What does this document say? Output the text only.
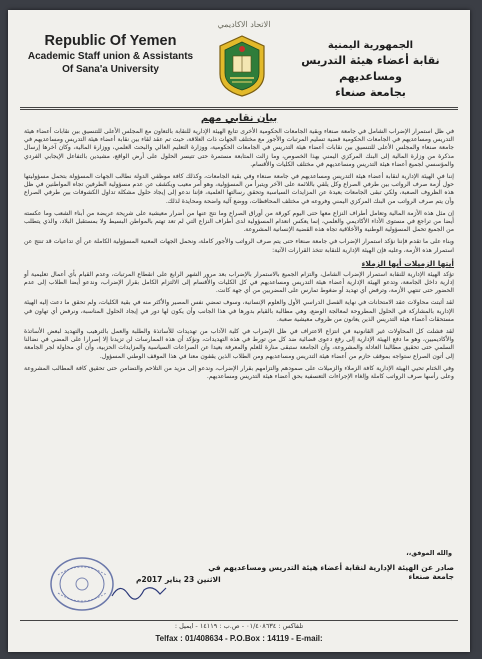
الاتحاد الاكاديمي
Republic Of Yemen
Academic Staff union & Assistants
Of Sana'a University
الجمهورية اليمنية
نقابة أعضاء هيئة التدريس ومساعديهم
بجامعة صنعاء
بيان نقابي مهم

في ظل استمرار الإضراب الشامل في جامعة صنعاء وبقية الجامعات الحكومية الأخرى تتابع الهيئة الإدارية للنقابة بالتعاون مع المجلس الأعلى للتنسيق بين نقابات أعضاء هيئة التدريس ومساعديهم في الجامعات الحكومية قضية تسليم المرتبات والأجور مع مختلف الجهات ذات العلاقة، حيث تم عقد لقاء بين نقابة أعضاء هيئة التدريس ومساعديهم في جامعة صنعاء والمجلس الأعلى للتنسيق بين نقابات أعضاء هيئة التدريس في الجامعات الحكومية، ووزارة التعليم العالي والبحث العلمي، ووزارة المالية، وكان آخرها إرسال مذكرة من وزارة المالية إلى البنك المركزي اليمني بهذا الخصوص، وما زالت المتابعة مستمرة حتى تتيسر الحلول على أرض الواقع، مشيدين بالتفاعل الإيجابي الفردي والمؤسسي لجميع أعضاء هيئة التدريس ومساعديهم في مختلف الكليات والأقسام.

إننا في الهيئة الإدارية لنقابة أعضاء هيئة التدريس ومساعديهم في جامعة صنعاء وفي بقية الجامعات، وكذلك كافة موظفي الدولة نطالب الجهات المسؤولة بتحمل مسؤوليتها حول أزمة صرف الرواتب بين طرفي الصراع وكل يلقي باللائمة على الآخر ويتبرأ من المسؤولية، وهو أمر معيب ويكشف عن عدم مسؤولية الطرفين تجاه المواطنين في ظل هذه الظروف الصعبة، ولكي تبقى الجامعات بعيدة عن المزايدات السياسية وتحقق رسالتها العلمية، فإننا ندعو إلى إيجاد حلول مشكلة تداول الكشوفات بين طرفي الصراع وأن يتم صرف الرواتب من البنك المركزي اليمني وفروعه في مختلف المحافظات، ووضع آلية واضحة ومحايدة لذلك.

إن مثل هذه الأزمة المالية وتعامل أطراف النزاع معها حتى اليوم كورقة من أوراق الصراع وما نتج عنها من أضرار معيشية على شريحة عريضة من أبناء الشعب وما عكسته أيضا من تراجع في مستوى الأداء الأكاديمي والعلمي، إنما يعكس انعدام المسؤولية لدى أطراف النزاع التي لم تعد تهتم بالمواطن البسيط ولا بمستقبل البلاد، والذي يتطلب من الجميع تحمل المسؤولية الوطنية والأخلاقية تجاه هذه القضية الإنسانية المشروعة.

وبناء على ما تقدم فإننا نؤكد استمرار الإضراب في جامعة صنعاء حتى يتم صرف الرواتب والأجور كاملة، ونحمل الجهات المعنية المسؤولية الكاملة عن أي تداعيات قد تنتج عن استمرار هذه الأزمة، وعليه فإن الهيئة الإدارية للنقابة تتخذ القرارات الآتية:

أيتها الزميلات أيها الزملاء

تؤكد الهيئة الإدارية للنقابة استمرار الإضراب الشامل، والتزام الجميع بالاستمرار بالإضراب بعد مرور الشهر الرابع على انقطاع المرتبات، وعدم القيام بأي أعمال تعليمية أو إدارية داخل الجامعة، وتدعو الهيئة الإدارية أعضاء هيئة التدريس ومساعديهم في كل الكليات والأقسام إلى الالتزام الكامل بقرار الإضراب، وندعو أيضا الطلاب إلى عدم الحضور حتى تنتهي الأزمة، وترفض أي تهديد أو ضغوط تمارس على المضربين من أي جهة كانت.

لقد أثبتت محاولات عقد الامتحانات في نهاية الفصل الدراسي الأول والعلوم الإنسانية، وسوف تمضي نفس المصير والأكثر منه في بقية الكليات، ولم تحقق ما دعت إليه الهيئة الإدارية بالمشاركة في الحلول المطروحة لمعالجة الوضع، وهي مطالبة بالقيام بدورها في هذا الجانب وأن يكون لها دور في إيجاد الحلول المناسبة، ونرفض أي تهاون في مستحقات أعضاء هيئة التدريس الذين يعانون من ظروف معيشية صعبة.

لقد فشلت كل المحاولات غير القانونية في انتزاع الاعتراف في ظل الإضراب في كلية الآداب من تهديدات للأساتذة والطلبة والعمل بالترهيب والتهديد لبعض الأساتذة والأكاديميين، وهو ما دفع الهيئة الإدارية إلى رفع دعوى قضائية ضد كل من تورط في هذه التهديدات، ونؤكد أن هذه الممارسات لن تزيدنا إلا إصرارا على المضي في نضالنا السلمي حتى تحقيق مطالبنا العادلة والمشروعة، وأن الجامعة ستبقى منارة للعلم والمعرفة بعيدا عن الصراعات السياسية والمزايدات الحزبية، وأن أي محاولة لجر الجامعة إلى أتون الصراع ستواجه بموقف حازم من أعضاء هيئة التدريس ومساعديهم ومن الطلاب الذين يقفون معنا في هذا الموقف الوطني المسؤول.

وفي الختام تحيي الهيئة الإدارية كافة الزملاء والزميلات على صمودهم والتزامهم بقرار الإضراب، وندعو إلى مزيد من التلاحم والتضامن حتى تحقيق كافة المطالب المشروعة وعلى رأسها صرف الرواتب كاملة وإلغاء الإجراءات التعسفية بحق أعضاء هيئة التدريس ومساعديهم.

والله الموفق،،
صادر عن الهيئة الإدارية لنقابة أعضاء هيئة التدريس ومساعديهم في جامعة صنعاء
الاثنين 23 يناير 2017م
تلفاكس : ٠١/٤٠٨٦٣٤ - ص.ب : ١٤١١٩ - ايميل :
Telfax : 01/408634 - P.O.Box : 14119 - E-mail:
